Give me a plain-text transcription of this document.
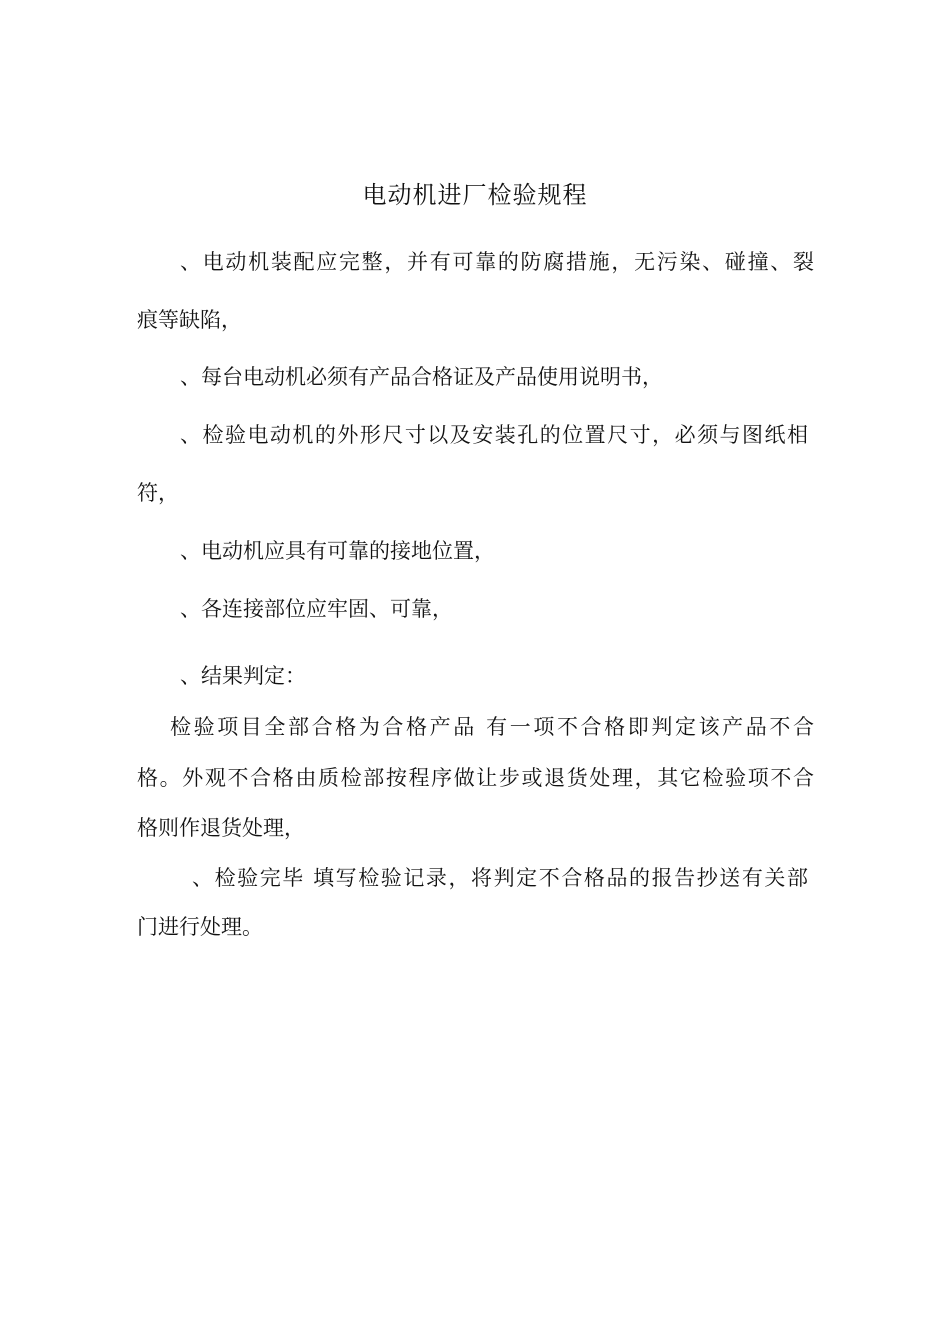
电动机进厂检验规程
、电动机装配应完整，并有可靠的防腐措施，无污染、碰撞、裂
痕等缺陷，
、每台电动机必须有产品合格证及产品使用说明书，
、检验电动机的外形尺寸以及安装孔的位置尺寸，必须与图纸相
符，
、电动机应具有可靠的接地位置，
、各连接部位应牢固、可靠，
、结果判定：
检验项目全部合格为合格产品 有一项不合格即判定该产品不合
格。外观不合格由质检部按程序做让步或退货处理，其它检验项不合
格则作退货处理，
、检验完毕 填写检验记录，将判定不合格品的报告抄送有关部
门进行处理。
